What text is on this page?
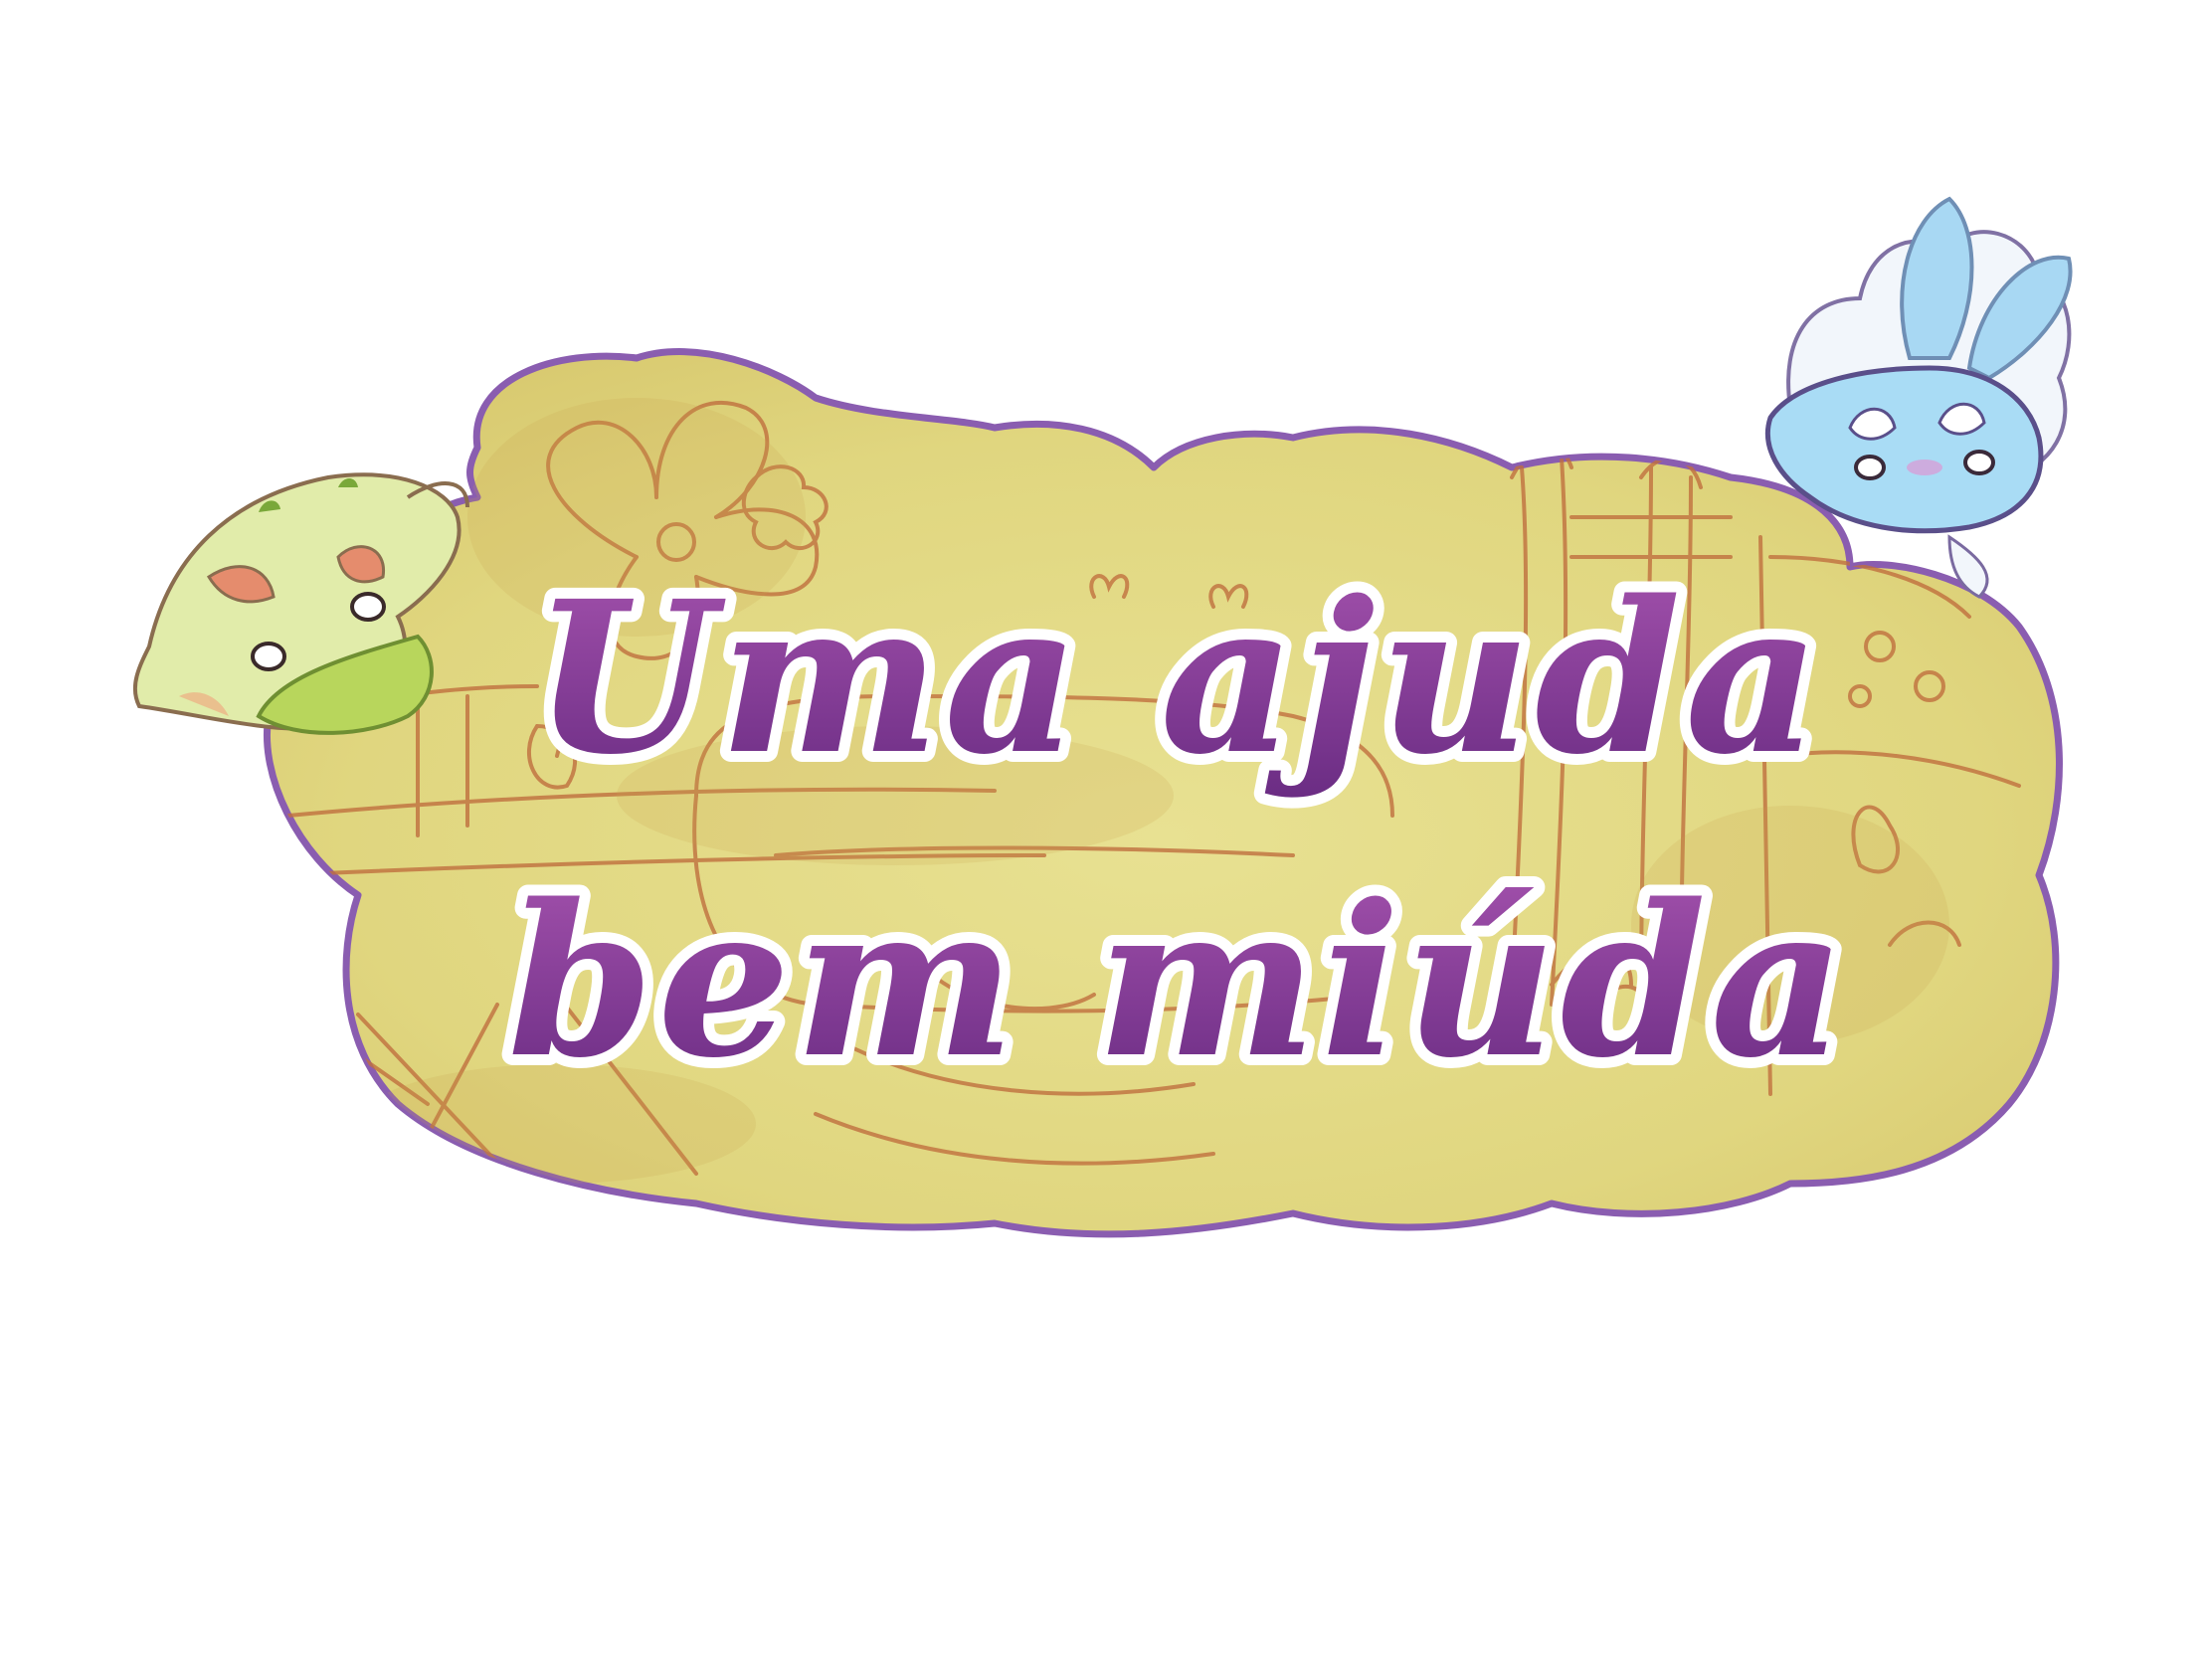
Uma ajuda
bem miúda
